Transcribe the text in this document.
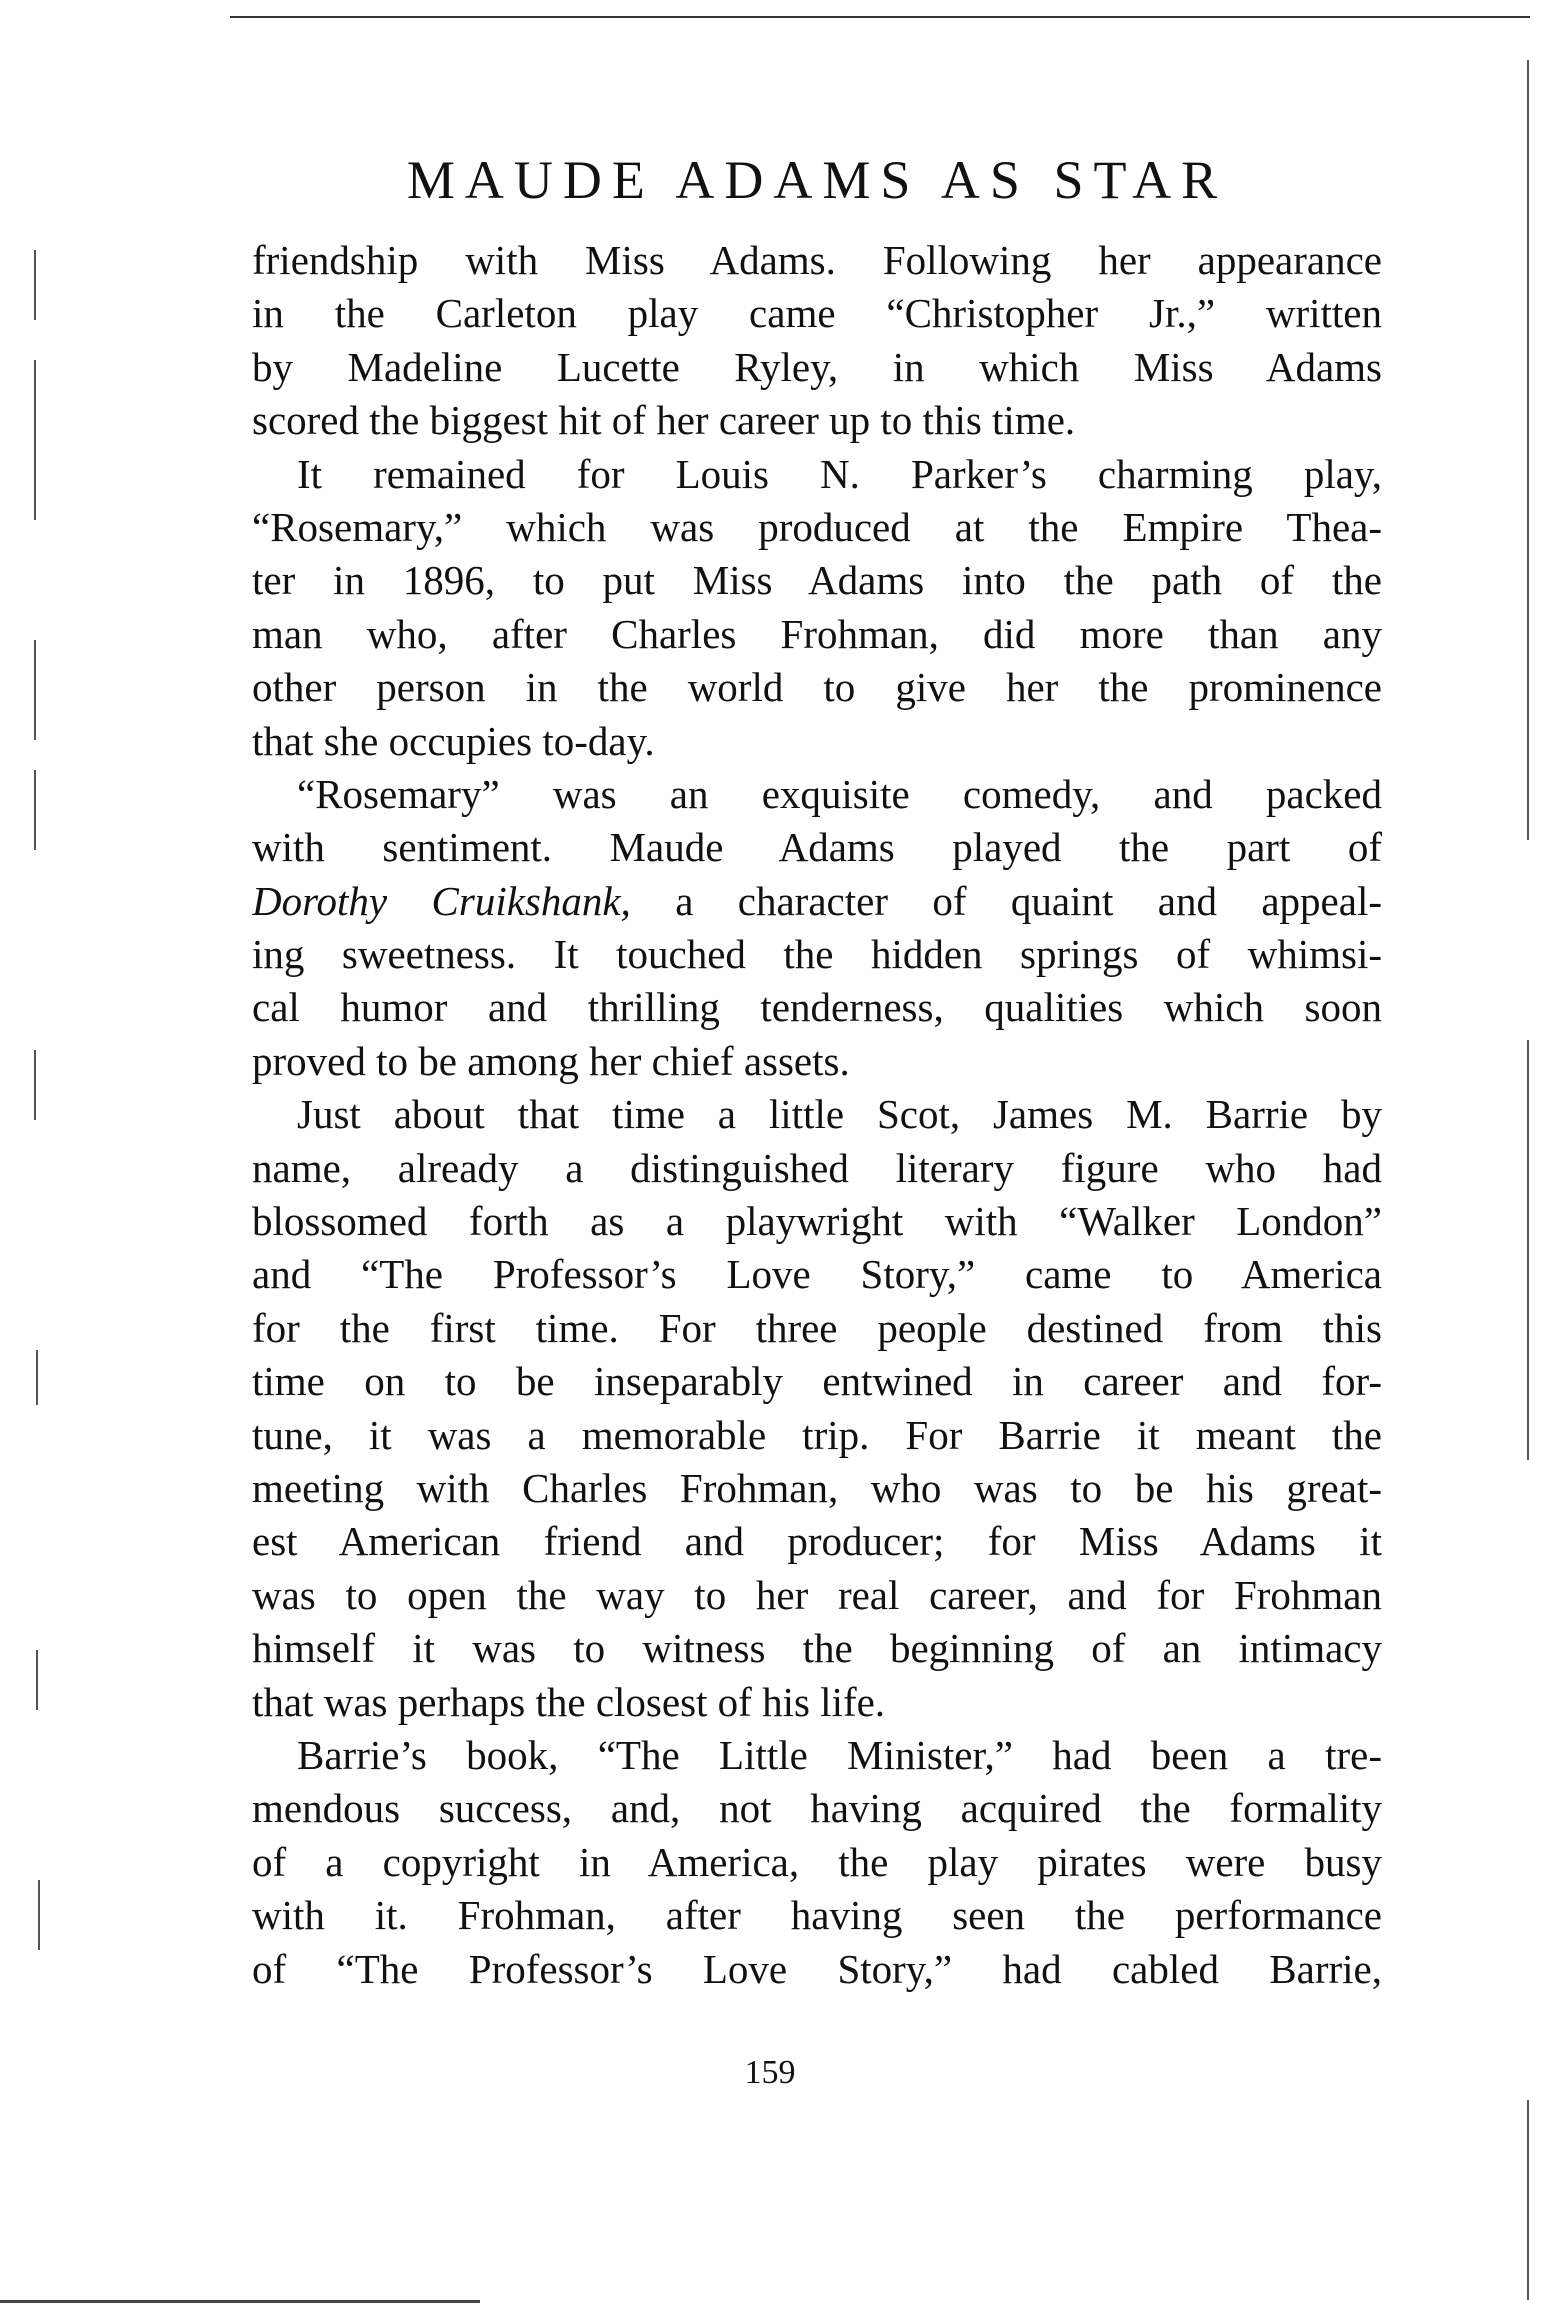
MAUDE ADAMS AS STAR
friendship with Miss Adams. Following her appearance
in the Carleton play came “Christopher Jr.,” written
by Madeline Lucette Ryley, in which Miss Adams
scored the biggest hit of her career up to this time.
It remained for Louis N. Parker’s charming play,
“Rosemary,” which was produced at the Empire Thea-
ter in 1896, to put Miss Adams into the path of the
man who, after Charles Frohman, did more than any
other person in the world to give her the prominence
that she occupies to-day.
“Rosemary” was an exquisite comedy, and packed
with sentiment. Maude Adams played the part of
Dorothy Cruikshank, a character of quaint and appeal-
ing sweetness. It touched the hidden springs of whimsi-
cal humor and thrilling tenderness, qualities which soon
proved to be among her chief assets.
Just about that time a little Scot, James M. Barrie by
name, already a distinguished literary figure who had
blossomed forth as a playwright with “Walker London”
and “The Professor’s Love Story,” came to America
for the first time. For three people destined from this
time on to be inseparably entwined in career and for-
tune, it was a memorable trip. For Barrie it meant the
meeting with Charles Frohman, who was to be his great-
est American friend and producer; for Miss Adams it
was to open the way to her real career, and for Frohman
himself it was to witness the beginning of an intimacy
that was perhaps the closest of his life.
Barrie’s book, “The Little Minister,” had been a tre-
mendous success, and, not having acquired the formality
of a copyright in America, the play pirates were busy
with it. Frohman, after having seen the performance
of “The Professor’s Love Story,” had cabled Barrie,
159
